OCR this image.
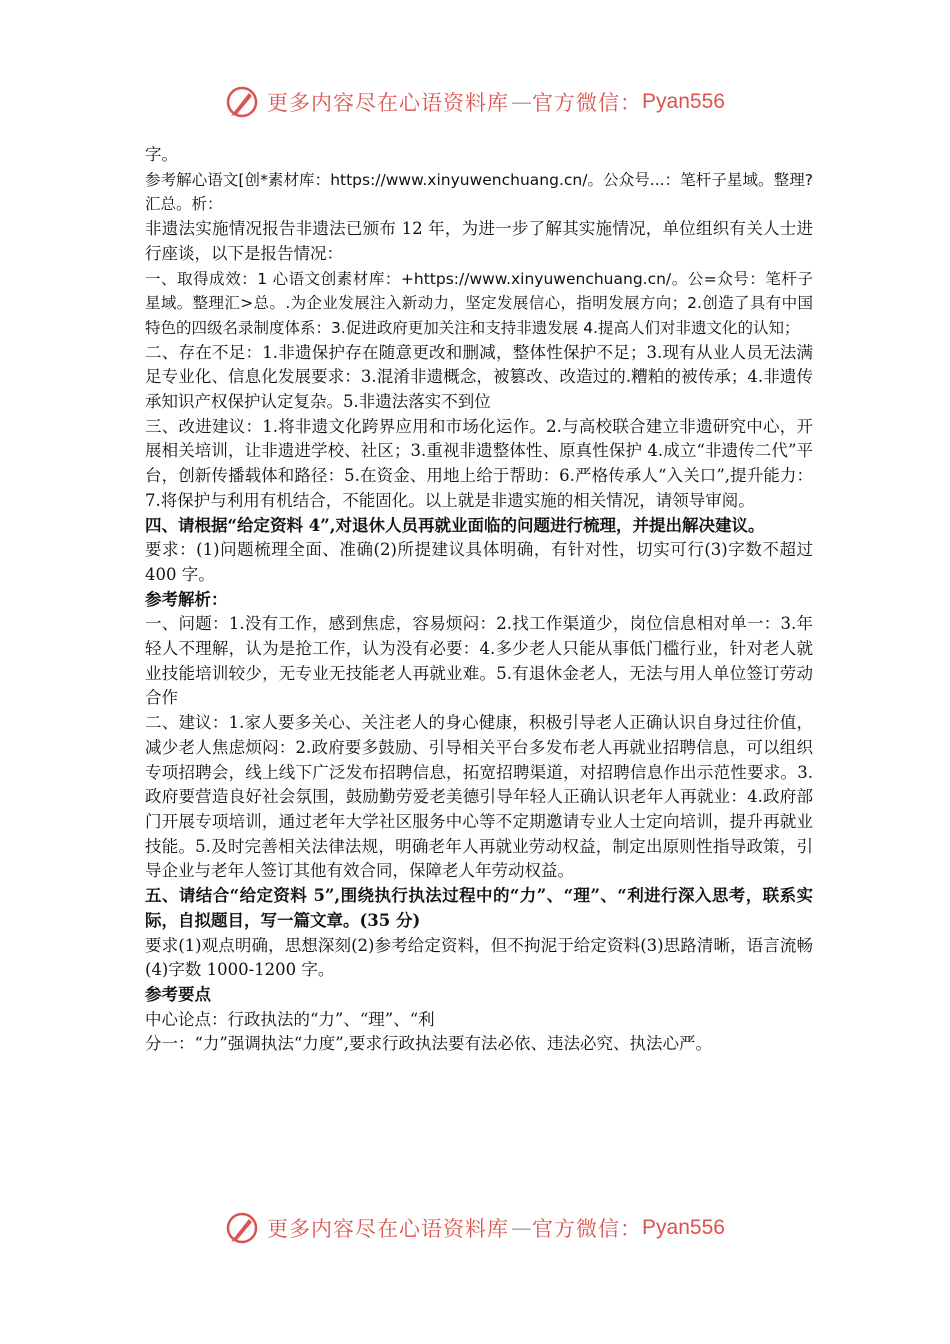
更多内容尽在心语资料库 — 官方微信： Pyan556

字。

参考解心语文[创*素材库：https://www.xinyuwenchuang.cn/。公众号...：笔杆子星域。整理?汇总。析：

非遗法实施情况报告非遗法已颁布 12 年，为进一步了解其实施情况，单位组织有关人士进行座谈，以下是报告情况：

一、取得成效：1 心语文创素材库：+https://www.xinyuwenchuang.cn/。公=众号：笔杆子星域。整理汇>总。.为企业发展注入新动力，坚定发展信心，指明发展方向；2.创造了具有中国特色的四级名录制度体系：3.促进政府更加关注和支持非遗发展 4.提高人们对非遗文化的认知；

二、存在不足：1.非遗保护存在随意更改和删减，整体性保护不足；3.现有从业人员无法满足专业化、信息化发展要求：3.混淆非遗概念，被篡改、改造过的.糟粕的被传承；4.非遗传承知识产权保护认定复杂。5.非遗法落实不到位

三、改进建议：1.将非遗文化跨界应用和市场化运作。2.与高校联合建立非遗研究中心，开展相关培训，让非遗进学校、社区；3.重视非遗整体性、原真性保护 4.成立“非遗传二代”平台，创新传播载体和路径：5.在资金、用地上给于帮助：6.严格传承人“入关口”,提升能力：7.将保护与利用有机结合，不能固化。以上就是非遗实施的相关情况，请领导审阅。

四、请根据“给定资料 4”,对退休人员再就业面临的问题进行梳理，并提出解决建议。

要求：(1)问题梳理全面、准确(2)所提建议具体明确，有针对性，切实可行(3)字数不超过 400 字。

参考解析：

一、问题：1.没有工作，感到焦虑，容易烦闷：2.找工作渠道少，岗位信息相对单一：3.年轻人不理解，认为是抢工作，认为没有必要：4.多少老人只能从事低门槛行业，针对老人就业技能培训较少，无专业无技能老人再就业难。5.有退休金老人，无法与用人单位签订劳动合作

二、建议：1.家人要多关心、关注老人的身心健康，积极引导老人正确认识自身过往价值，减少老人焦虑烦闷：2.政府要多鼓励、引导相关平台多发布老人再就业招聘信息，可以组织专项招聘会，线上线下广泛发布招聘信息，拓宽招聘渠道，对招聘信息作出示范性要求。3.政府要营造良好社会氛围，鼓励勤劳爱老美德引导年轻人正确认识老年人再就业：4.政府部门开展专项培训，通过老年大学社区服务中心等不定期邀请专业人士定向培训，提升再就业技能。5.及时完善相关法律法规，明确老年人再就业劳动权益，制定出原则性指导政策，引导企业与老年人签订其他有效合同，保障老人年劳动权益。

五、请结合“给定资料 5”,围绕执行执法过程中的“力”、“理”、“利进行深入思考，联系实际，自拟题目，写一篇文章。(35 分)

要求(1)观点明确，思想深刻(2)参考给定资料，但不拘泥于给定资料(3)思路清晰，语言流畅(4)字数 1000-1200 字。

参考要点

中心论点：行政执法的“力”、“理”、“利

分一：“力”强调执法“力度”,要求行政执法要有法必依、违法必究、执法心严。

更多内容尽在心语资料库 — 官方微信： Pyan556
